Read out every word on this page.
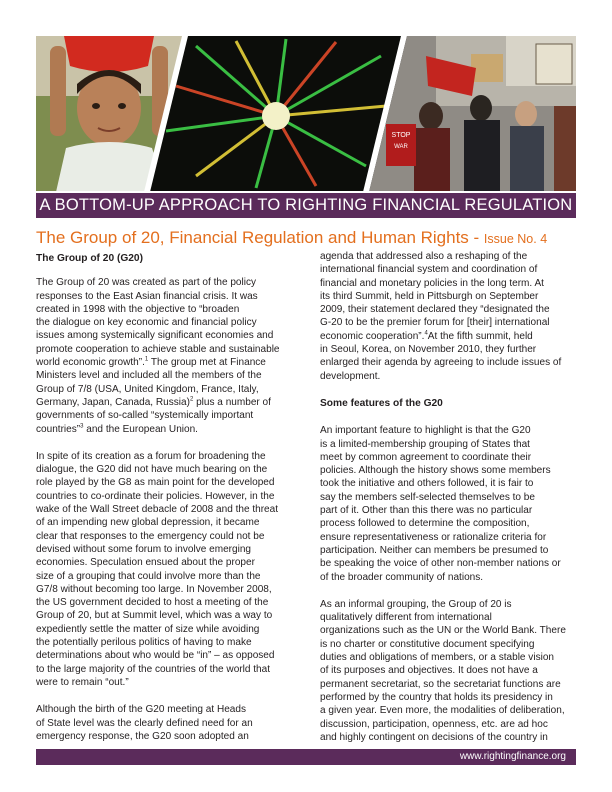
STOP
WAR
A BOTTOM-UP APPROACH TO RIGHTING FINANCIAL REGULATION
The Group of 20, Financial Regulation and Human Rights - Issue No. 4
The Group of 20 (G20)

The Group of 20 was created as part of the policy
responses to the East Asian financial crisis. It was
created in 1998 with the objective to “broaden
the dialogue on key economic and financial policy
issues among systemically significant economies and
promote cooperation to achieve stable and sustainable
world economic growth”.$^1$ The group met at Finance
Ministers level and included all the members of the
Group of 7/8 (USA, United Kingdom, France, Italy,
Germany, Japan, Canada, Russia)$^2$ plus a number of
governments of so-called “systemically important
countries”$^3$ and the European Union.

In spite of its creation as a forum for broadening the
dialogue, the G20 did not have much bearing on the
role played by the G8 as main point for the developed
countries to co-ordinate their policies. However, in the
wake of the Wall Street debacle of 2008 and the threat
of an impending new global depression, it became
clear that responses to the emergency could not be
devised without some forum to involve emerging
economies. Speculation ensued about the proper
size of a grouping that could involve more than the
G7/8 without becoming too large. In November 2008,
the US government decided to host a meeting of the
Group of 20, but at Summit level, which was a way to
expediently settle the matter of size while avoiding
the potentially perilous politics of having to make
determinations about who would be “in” – as opposed
to the large majority of the countries of the world that
were to remain “out.”

Although the birth of the G20 meeting at Heads
of State level was the clearly defined need for an
emergency response, the G20 soon adopted an

agenda that addressed also a reshaping of the
international financial system and coordination of
financial and monetary policies in the long term. At
its third Summit, held in Pittsburgh on September
2009, their statement declared they “designated the
G-20 to be the premier forum for [their] international
economic cooperation”.$^4$At the fifth summit, held
in Seoul, Korea, on November 2010, they further
enlarged their agenda by agreeing to include issues of
development.

Some features of the G20

An important feature to highlight is that the G20
is a limited-membership grouping of States that
meet by common agreement to coordinate their
policies. Although the history shows some members
took the initiative and others followed, it is fair to
say the members self-selected themselves to be
part of it. Other than this there was no particular
process followed to determine the composition,
ensure representativeness or rationalize criteria for
participation. Neither can members be presumed to
be speaking the voice of other non-member nations or
of the broader community of nations.

As an informal grouping, the Group of 20 is
qualitatively different from international
organizations such as the UN or the World Bank. There
is no charter or constitutive document specifying
duties and obligations of members, or a stable vision
of its purposes and objectives. It does not have a
permanent secretariat, so the secretariat functions are
performed by the country that holds its presidency in
a given year. Even more, the modalities of deliberation,
discussion, participation, openness, etc. are ad hoc
and highly contingent on decisions of the country in

www.rightingfinance.org
